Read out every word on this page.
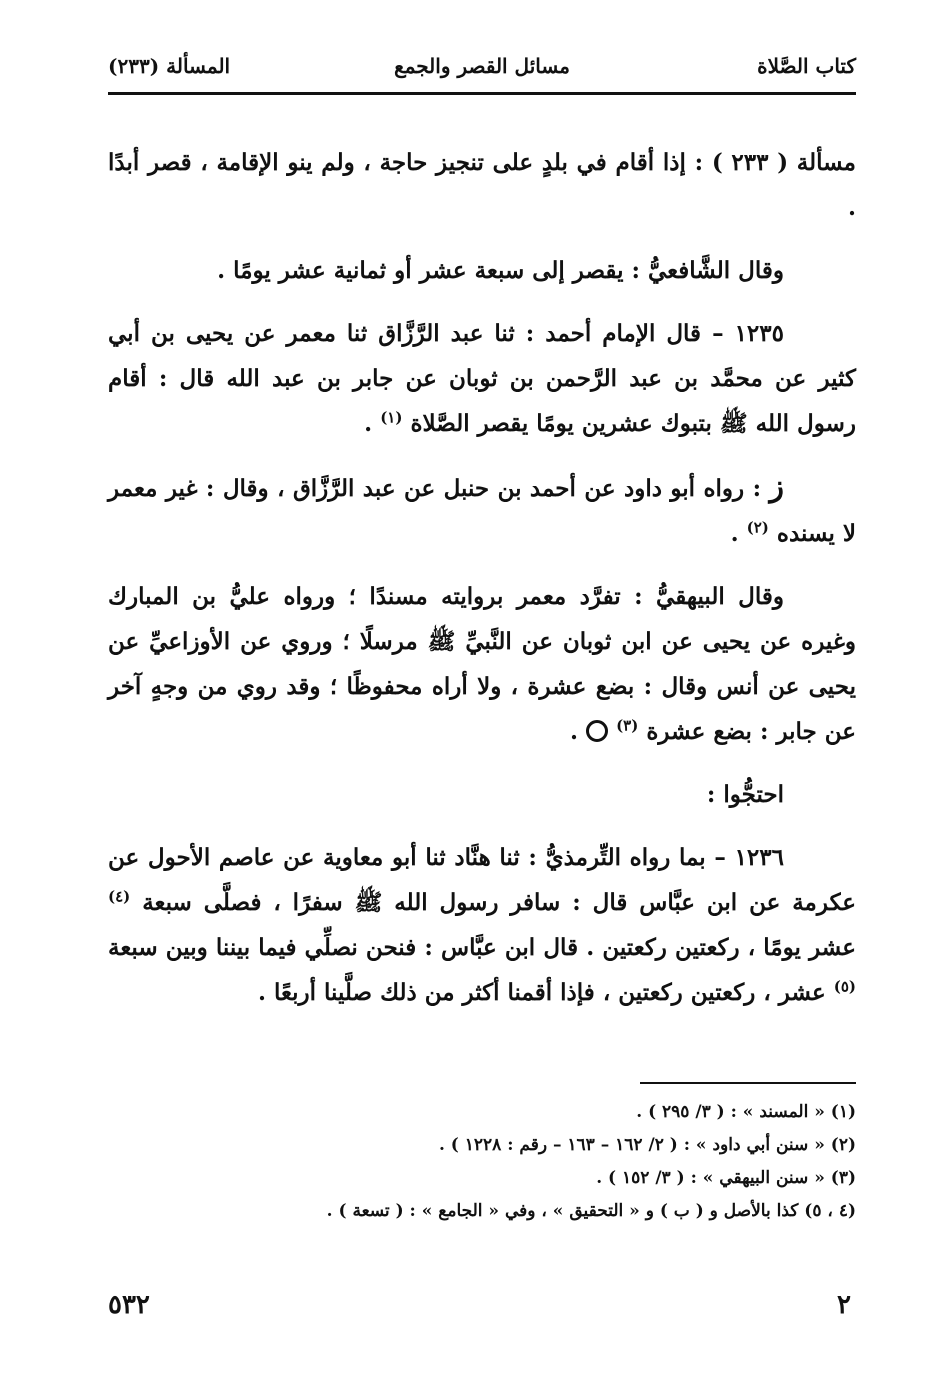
كتاب الصَّلاة
مسائل القصر والجمع
المسألة (٢٣٣)

مسألة ( ٢٣٣ ) : إذا أقام في بلدٍ على تنجيز حاجة ، ولم ينو الإقامة ، قصر أبدًا .

وقال الشَّافعيُّ : يقصر إلى سبعة عشر أو ثمانية عشر يومًا .

١٢٣٥ – قال الإمام أحمد : ثنا عبد الرَّزَّاق ثنا معمر عن يحيى بن أبي كثير عن محمَّد بن عبد الرَّحمن بن ثوبان عن جابر بن عبد الله قال : أقام رسول الله ﷺ بتبوك عشرين يومًا يقصر الصَّلاة $^{(١)}$ .

ز : رواه أبو داود عن أحمد بن حنبل عن عبد الرَّزَّاق ، وقال : غير معمر لا يسنده $^{(٢)}$ .

وقال البيهقيُّ : تفرَّد معمر بروايته مسندًا ؛ ورواه عليُّ بن المبارك وغيره عن يحيى عن ابن ثوبان عن النَّبيِّ ﷺ مرسلًا ؛ وروي عن الأوزاعيِّ عن يحيى عن أنس وقال : بضع عشرة ، ولا أراه محفوظًا ؛ وقد روي من وجهٍ آخر عن جابر : بضع عشرة $^{(٣)}$  .

احتجُّوا :

١٢٣٦ – بما رواه التِّرمذيُّ : ثنا هنَّاد ثنا أبو معاوية عن عاصم الأحول عن عكرمة عن ابن عبَّاس قال : سافر رسول الله ﷺ سفرًا ، فصلَّى سبعة $^{(٤)}$ عشر يومًا ، ركعتين ركعتين . قال ابن عبَّاس : فنحن نصلِّي فيما بيننا وبين سبعة $^{(٥)}$ عشر ، ركعتين ركعتين ، فإذا أقمنا أكثر من ذلك صلَّينا أربعًا .

(١) « المسند » : ( ٣/ ٢٩٥ ) .
(٢) « سنن أبي داود » : ( ٢/ ١٦٢ – ١٦٣ – رقم : ١٢٢٨ ) .
(٣) « سنن البيهقي » : ( ٣/ ١٥٢ ) .
(٤ ، ٥) كذا بالأصل و ( ب ) و « التحقيق » ، وفي « الجامع » : ( تسعة ) .
٢
٥٣٢
